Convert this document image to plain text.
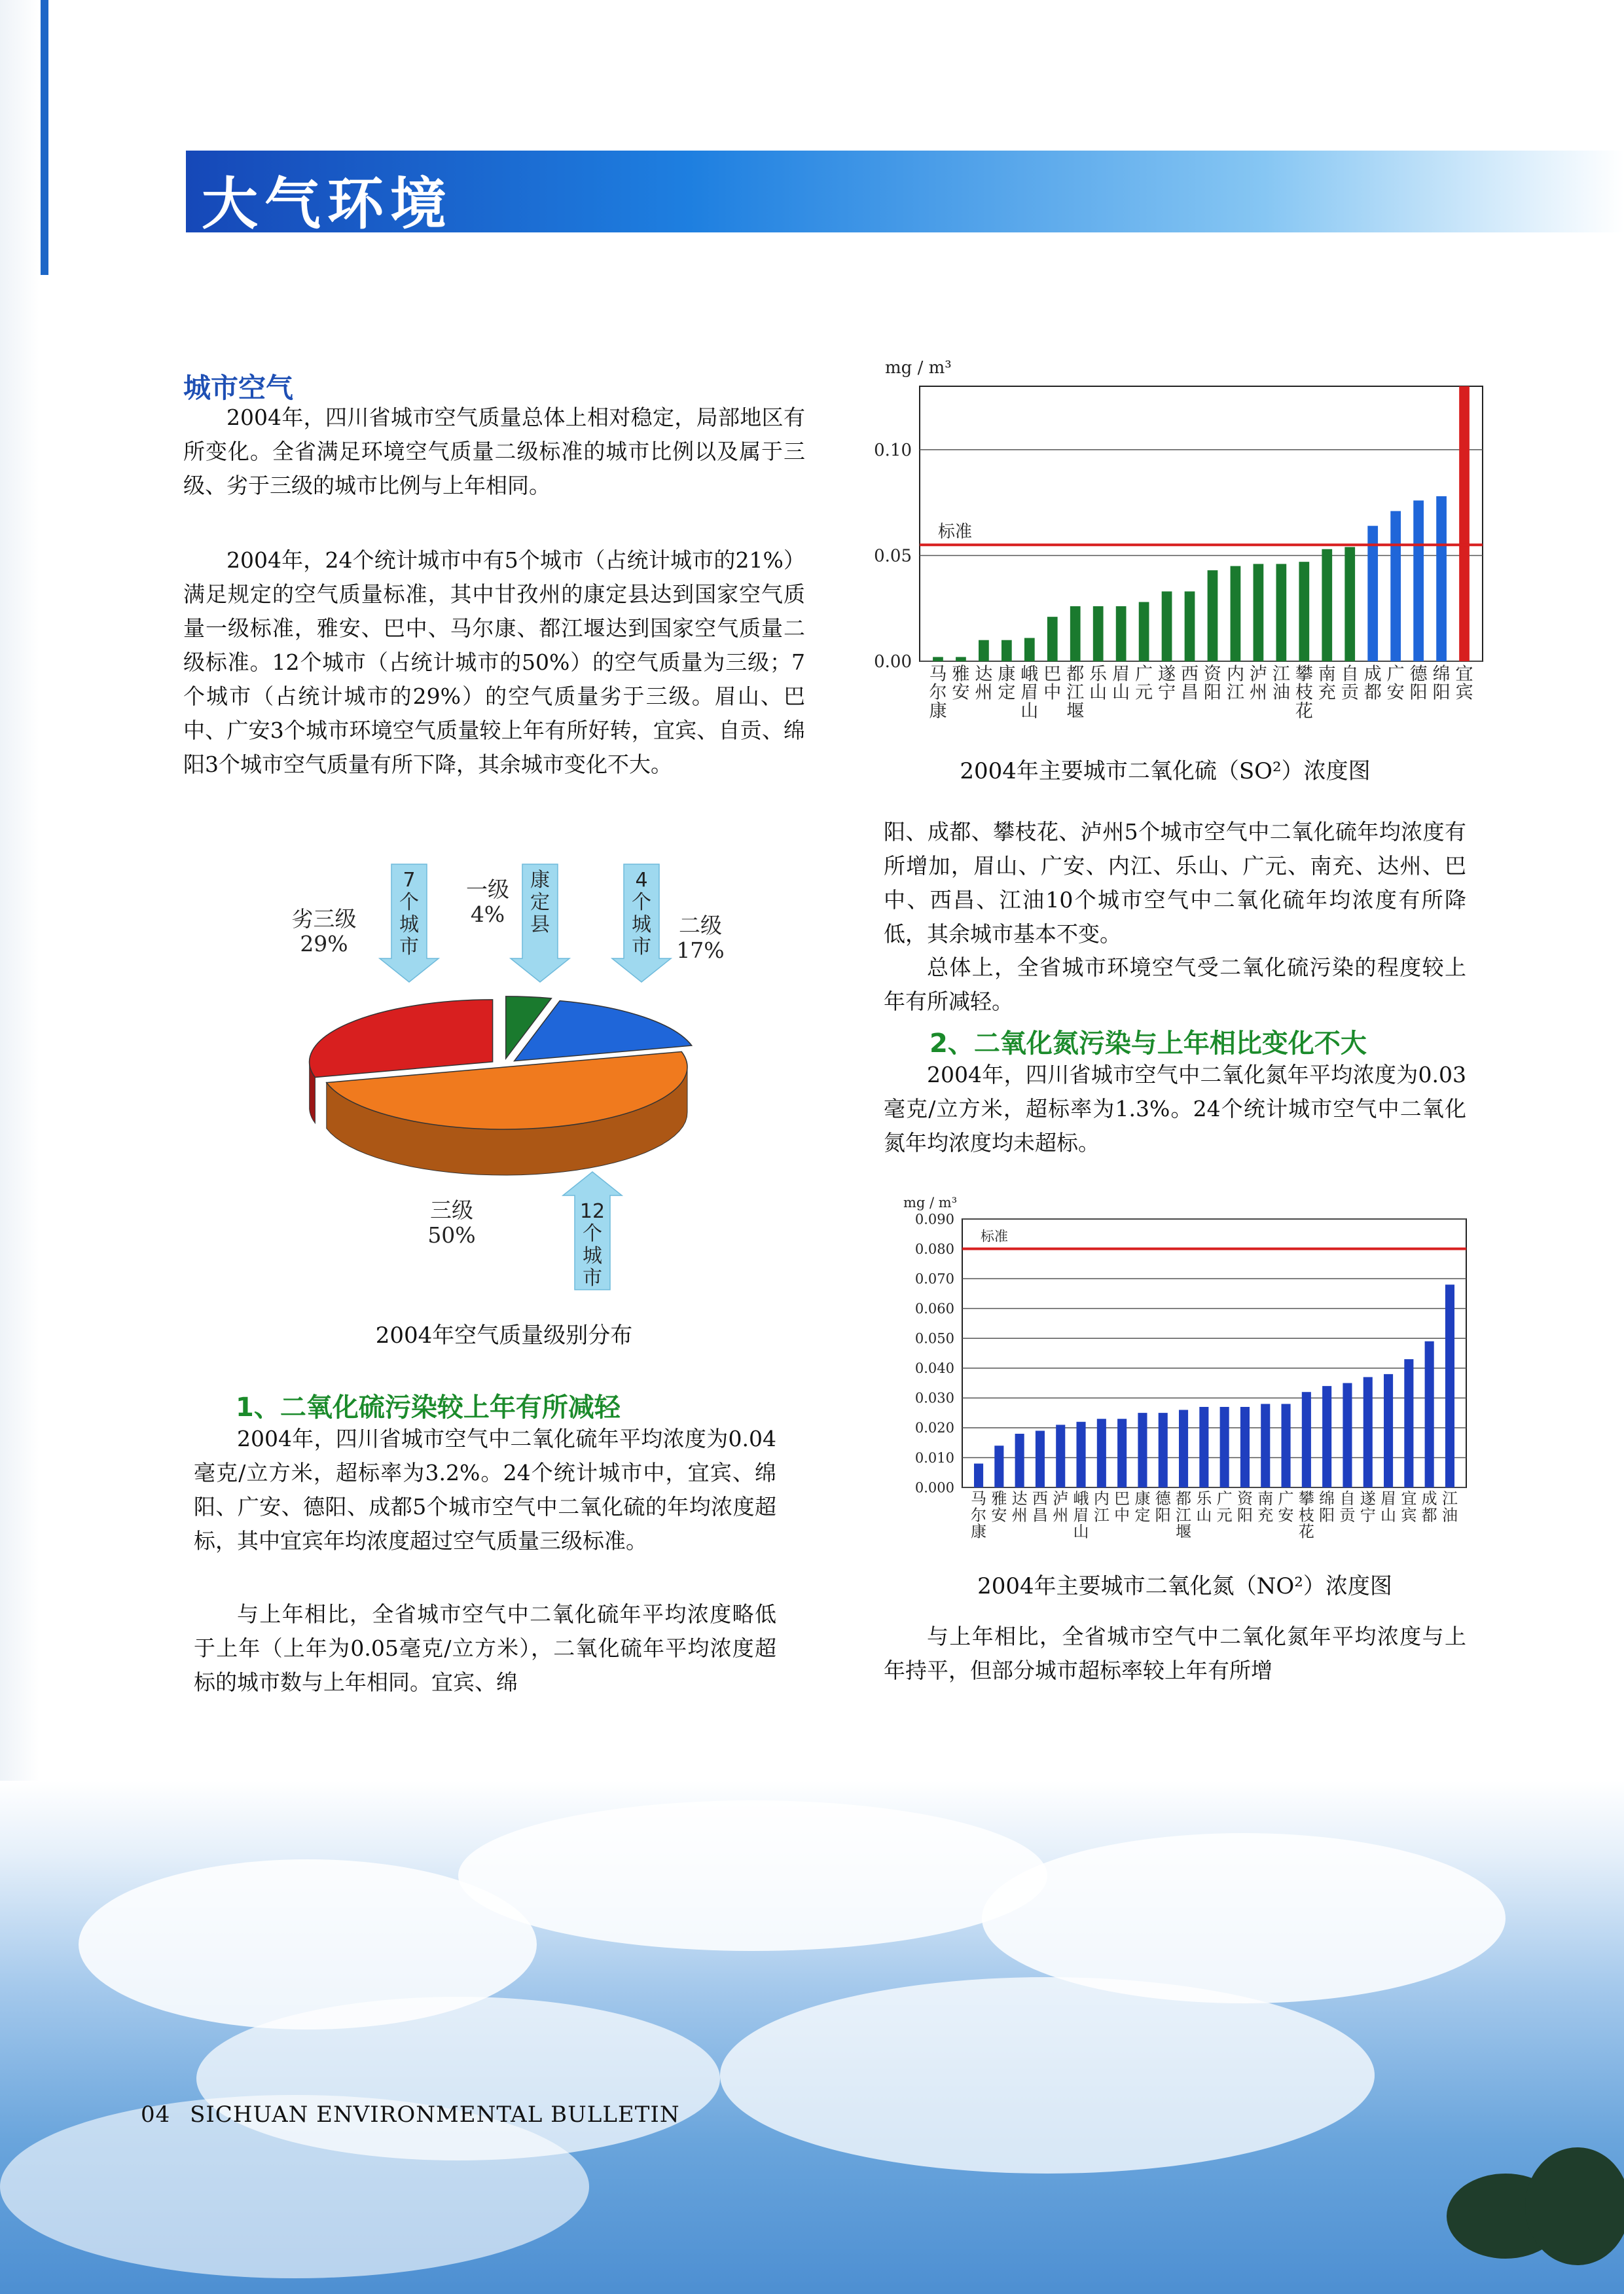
大气环境
城市空气

2004年，四川省城市空气质量总体上相对稳定，局部地区有所变化。全省满足环境空气质量二级标准的城市比例以及属于三级、劣于三级的城市比例与上年相同。

2004年，24个统计城市中有5个城市（占统计城市的21%）满足规定的空气质量标准，其中甘孜州的康定县达到国家空气质量一级标准，雅安、巴中、马尔康、都江堰达到国家空气质量二级标准。12个城市（占统计城市的50%）的空气质量为三级；7个城市（占统计城市的29%）的空气质量劣于三级。眉山、巴中、广安3个城市环境空气质量较上年有所好转，宜宾、自贡、绵阳3个城市空气质量有所下降，其余城市变化不大。

一级 4%	二级 17%
三级 50%
劣三级 29%
7 个城市
康定县
4 个城市
12 个城市
2004年空气质量级别分布
1、二氧化硫污染较上年有所减轻

2004年，四川省城市空气中二氧化硫年平均浓度为0.04毫克/立方米，超标率为3.2%。24个统计城市中，宜宾、绵阳、广安、德阳、成都5个城市空气中二氧化硫的年均浓度超标，其中宜宾年均浓度超过空气质量三级标准。

与上年相比，全省城市空气中二氧化硫年平均浓度略低于上年（上年为0.05毫克/立方米），二氧化硫年平均浓度超标的城市数与上年相同。宜宾、绵

mg / m³
0.00
0.05
0.10
马尔康
雅安
达州
康定
峨眉山
巴中
都江堰
乐山
眉山
广元
遂宁
西昌
资阳
内江
泸州
江油
攀枝花
南充
自贡
成都
广安
德阳
绵阳
宜宾
标准
2004年主要城市二氧化硫（SO²）浓度图

阳、成都、攀枝花、泸州5个城市空气中二氧化硫年均浓度有所增加，眉山、广安、内江、乐山、广元、南充、达州、巴中、西昌、江油10个城市空气中二氧化硫年均浓度有所降低，其余城市基本不变。

总体上，全省城市环境空气受二氧化硫污染的程度较上年有所减轻。

2、二氧化氮污染与上年相比变化不大

2004年，四川省城市空气中二氧化氮年平均浓度为0.03毫克/立方米，超标率为1.3%。24个统计城市空气中二氧化氮年均浓度均未超标。

mg / m³
0.000
0.010
0.020
0.030
0.040
0.050
0.060
0.070
0.080
0.090
马尔康
雅安
达州
西昌
泸州
峨眉山
内江
巴中
康定
德阳
都江堰
乐山
广元
资阳
南充
广安
攀枝花
绵阳
自贡
遂宁
眉山
宜宾
成都
江油
标准
2004年主要城市二氧化氮（NO²）浓度图

与上年相比，全省城市空气中二氧化氮年平均浓度与上年持平，但部分城市超标率较上年有所增

04 SICHUAN ENVIRONMENTAL BULLETIN
